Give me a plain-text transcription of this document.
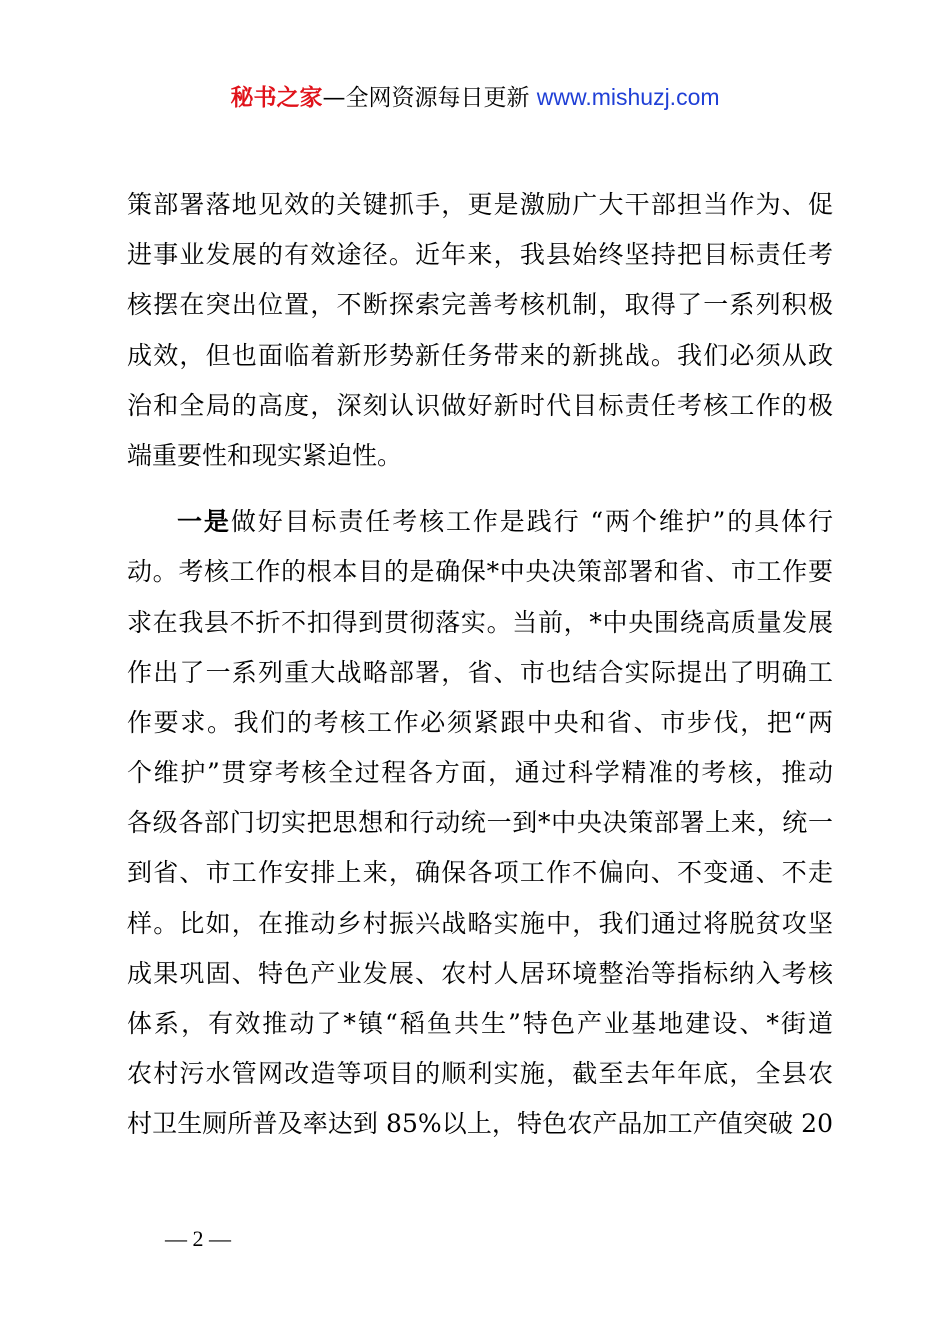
秘书之家—全网资源每日更新 www.mishuzj.com
策部署落地见效的关键抓手，更是激励广大干部担当作为、促
进事业发展的有效途径。近年来，我县始终坚持把目标责任考
核摆在突出位置，不断探索完善考核机制，取得了一系列积极
成效，但也面临着新形势新任务带来的新挑战。我们必须从政
治和全局的高度，深刻认识做好新时代目标责任考核工作的极
端重要性和现实紧迫性。
一是做好目标责任考核工作是践行 “两个维护”的具体行
动。考核工作的根本目的是确保*中央决策部署和省、市工作要
求在我县不折不扣得到贯彻落实。当前，*中央围绕高质量发展
作出了一系列重大战略部署，省、市也结合实际提出了明确工
作要求。我们的考核工作必须紧跟中央和省、市步伐，把“两
个维护”贯穿考核全过程各方面，通过科学精准的考核，推动
各级各部门切实把思想和行动统一到*中央决策部署上来，统一
到省、市工作安排上来，确保各项工作不偏向、不变通、不走
样。比如，在推动乡村振兴战略实施中，我们通过将脱贫攻坚
成果巩固、特色产业发展、农村人居环境整治等指标纳入考核
体系，有效推动了*镇“稻鱼共生”特色产业基地建设、*街道
农村污水管网改造等项目的顺利实施，截至去年年底，全县农
村卫生厕所普及率达到 85%以上，特色农产品加工产值突破 20
— 2 —
